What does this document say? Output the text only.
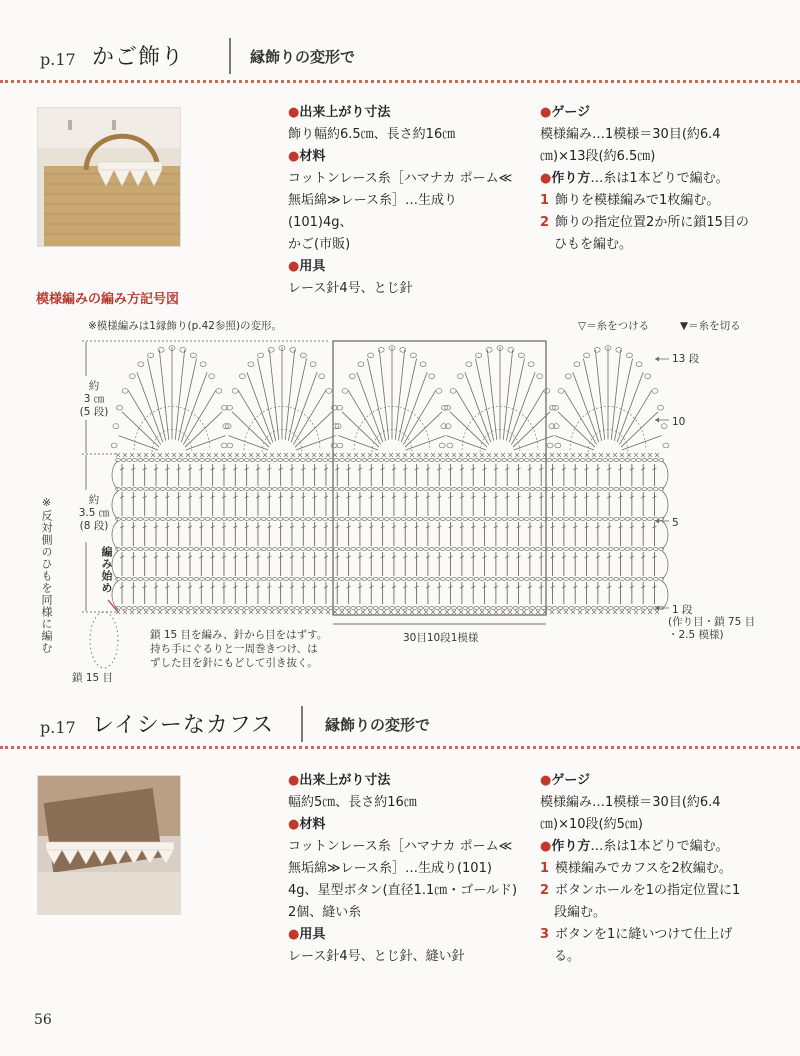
p.17 かご飾り	縁飾りの変形で
●出来上がり寸法
飾り幅約6.5㎝、長さ約16㎝
●材料
コットンレース糸［ハマナカ ポーム≪
無垢綿≫レース糸］…生成り(101)4g、
かご(市販)
●用具
レース針4号、とじ針
●ゲージ
模様編み…1模様＝30目(約6.4
㎝)×13段(約6.5㎝)
●作り方…糸は1本どりで編む。
1 飾りを模様編みで1枚編む。
2 飾りの指定位置2か所に鎖15目の
ひもを編む。
模様編みの編み方記号図
※模様編みは1縁飾り(p.42参照)の変形。	▽＝糸をつける	▼＝糸を切る
約
3 ㎝
(5 段)
約
3.5 ㎝
(8 段)
※反対側のひもを同様に編む	編み始め
13 段
10
5
1 段
(作り目・鎖 75 目
・2.5 模様)
30目10段1模様
鎖 15 目を編み、針から目をはずす。
持ち手にぐるりと一周巻きつけ、は
ずした目を針にもどして引き抜く。
鎖 15 目
p.17 レイシーなカフス	縁飾りの変形で
●出来上がり寸法
幅約5㎝、長さ約16㎝
●材料
コットンレース糸［ハマナカ ポーム≪
無垢綿≫レース糸］…生成り(101)
4g、星型ボタン(直径1.1㎝・ゴールド)
2個、縫い糸
●用具
レース針4号、とじ針、縫い針
●ゲージ
模様編み…1模様＝30目(約6.4
㎝)×10段(約5㎝)
●作り方…糸は1本どりで編む。
1 模様編みでカフスを2枚編む。
2 ボタンホールを1の指定位置に1
段編む。
3 ボタンを1に縫いつけて仕上げ
る。
56
